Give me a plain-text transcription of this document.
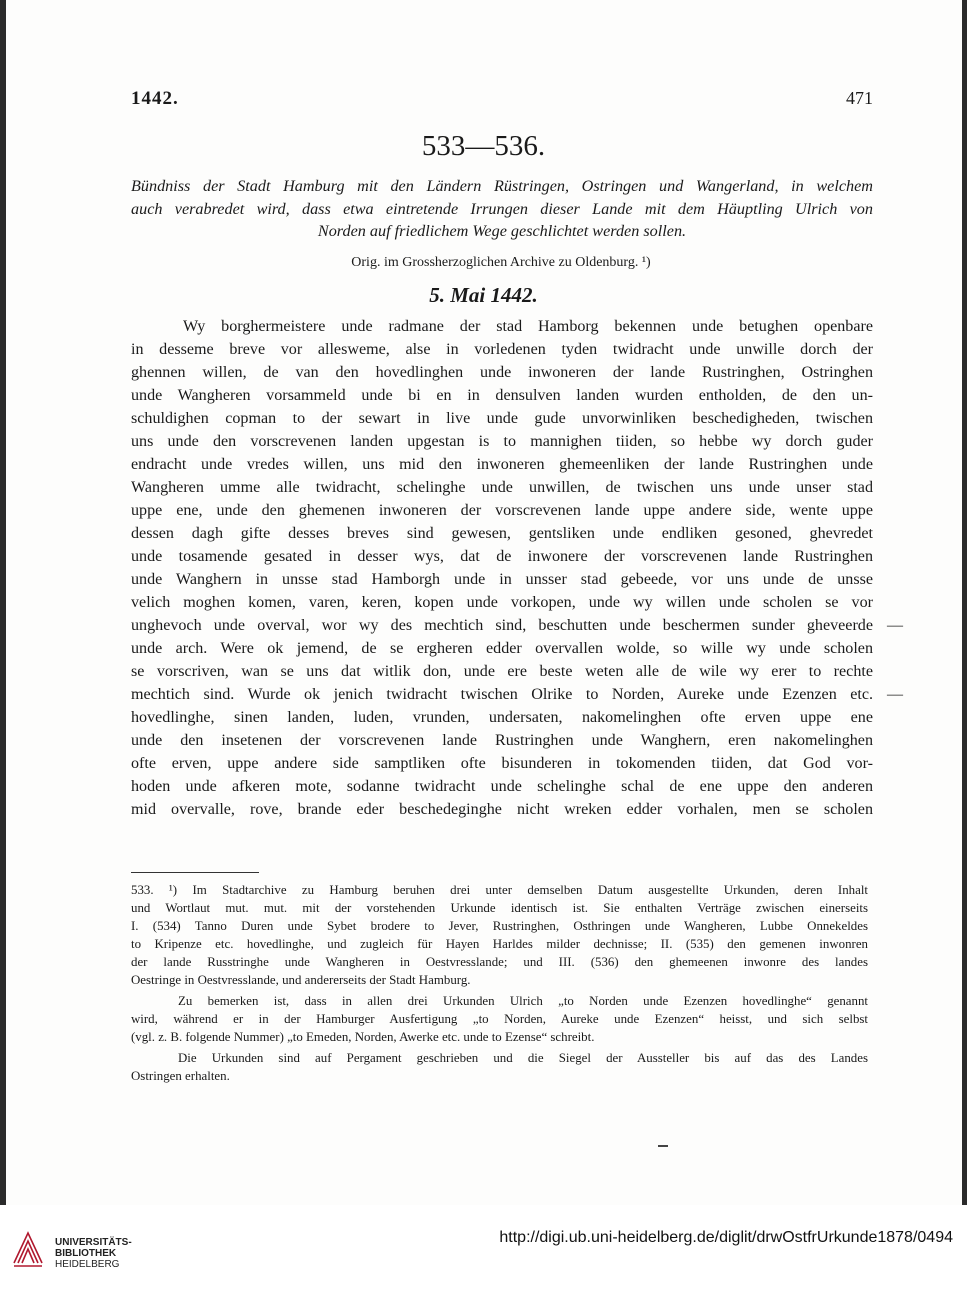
1442.	471
533—536.
Bündniss der Stadt Hamburg mit den Ländern Rüstringen, Ostringen und Wangerland, in welchem
auch verabredet wird, dass etwa eintretende Irrungen dieser Lande mit dem Häuptling Ulrich von
Norden auf friedlichem Wege geschlichtet werden sollen.
Orig. im Grossherzoglichen Archive zu Oldenburg. ¹)
5. Mai 1442.
Wy borghermeistere unde radmane der stad Hamborg bekennen unde betughen openbare
in desseme breve vor allesweme, alse in vorledenen tyden twidracht unde unwille dorch der
ghennen willen, de van den hovedlinghen unde inwoneren der lande Rustringhen, Ostringhen
unde Wangheren vorsammeld unde bi en in densulven landen wurden entholden, de den un-
schuldighen copman to der sewart in live unde gude unvorwinliken beschedigheden, twischen
uns unde den vorscrevenen landen upgestan is to mannighen tiiden, so hebbe wy dorch guder
endracht unde vredes willen, uns mid den inwoneren ghemeenliken der lande Rustringhen unde
Wangheren umme alle twidracht, schelinghe unde unwillen, de twischen uns unde unser stad
uppe ene, unde den ghemenen inwoneren der vorscrevenen lande uppe andere side, wente uppe
dessen dagh gifte desses breves sind gewesen, gentsliken unde endliken gesoned, ghevredet
unde tosamende gesated in desser wys, dat de inwonere der vorscrevenen lande Rustringhen
unde Wanghern in unsse stad Hamborgh unde in unsser stad gebeede, vor uns unde de unsse
velich moghen komen, varen, keren, kopen unde vorkopen, unde wy willen unde scholen se vor
unghevoch unde overval, wor wy des mechtich sind, beschutten unde beschermen sunder gheveerde
unde arch. Were ok jemend, de se ergheren edder overvallen wolde, so wille wy unde scholen
se vorscriven, wan se uns dat witlik don, unde ere beste weten alle de wile wy erer to rechte
mechtich sind. Wurde ok jenich twidracht twischen Olrike to Norden, Aureke unde Ezenzen etc.
hovedlinghe, sinen landen, luden, vrunden, undersaten, nakomelinghen ofte erven uppe ene
unde den insetenen der vorscrevenen lande Rustringhen unde Wanghern, eren nakomelinghen
ofte erven, uppe andere side samptliken ofte bisunderen in tokomenden tiiden, dat God vor-
hoden unde afkeren mote, sodanne twidracht unde schelinghe schal de ene uppe den anderen
mid overvalle, rove, brande eder beschedeginghe nicht wreken edder vorhalen, men se scholen
—
—
533. ¹) Im Stadtarchive zu Hamburg beruhen drei unter demselben Datum ausgestellte Urkunden, deren Inhalt
und Wortlaut mut. mut. mit der vorstehenden Urkunde identisch ist. Sie enthalten Verträge zwischen einerseits
I. (534) Tanno Duren unde Sybet brodere to Jever, Rustringhen, Osthringen unde Wangheren, Lubbe Onnekeldes
to Kripenze etc. hovedlinghe, und zugleich für Hayen Harldes milder dechnisse; II. (535) den gemenen inwonren
der lande Russtringhe unde Wangheren in Oestvresslande; und III. (536) den ghemeenen inwonre des landes
Oestringe in Oestvresslande, und andererseits der Stadt Hamburg.
Zu bemerken ist, dass in allen drei Urkunden Ulrich „to Norden unde Ezenzen hovedlinghe“ genannt
wird, während er in der Hamburger Ausfertigung „to Norden, Aureke unde Ezenzen“ heisst, und sich selbst
(vgl. z. B. folgende Nummer) „to Emeden, Norden, Awerke etc. unde to Ezense“ schreibt.
Die Urkunden sind auf Pergament geschrieben und die Siegel der Aussteller bis auf das des Landes
Ostringen erhalten.
UNIVERSITÄTS-
BIBLIOTHEK
HEIDELBERG
http://digi.ub.uni-heidelberg.de/diglit/drwOstfrUrkunde1878/0494
